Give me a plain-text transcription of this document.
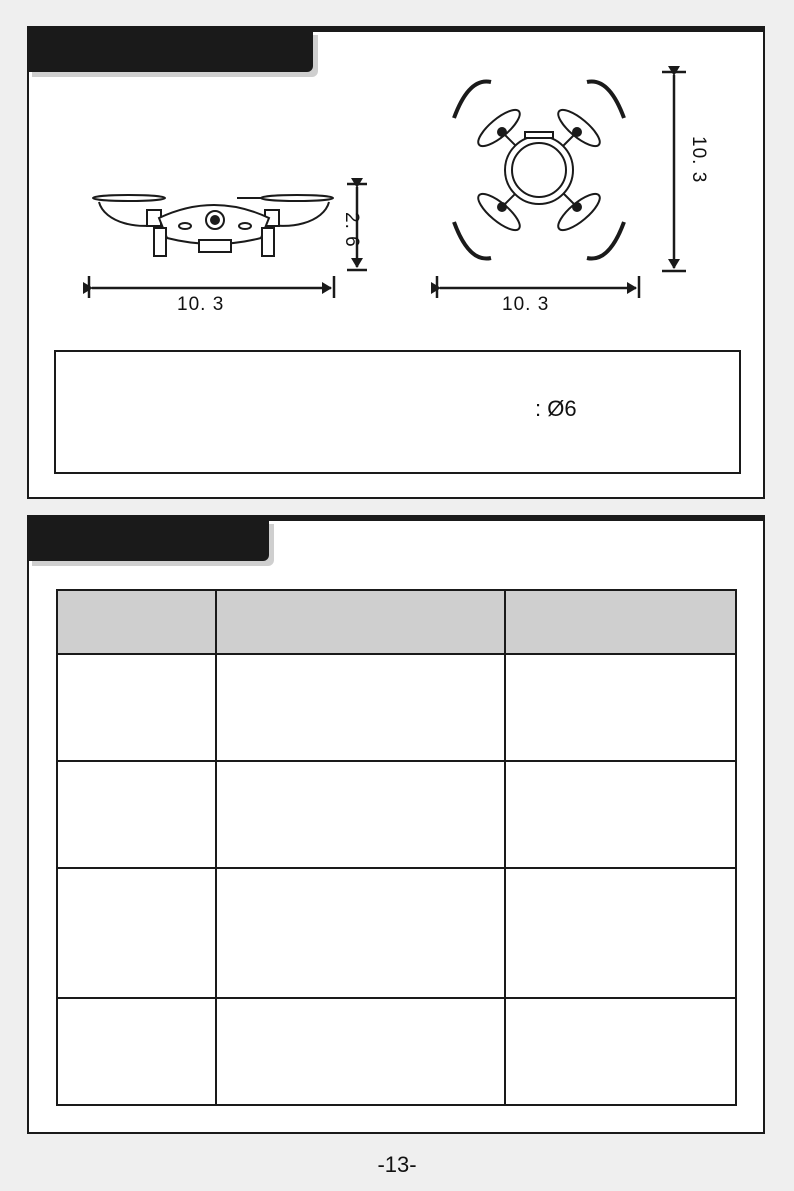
10. 3
2. 6
10. 3
10. 3
: Ø6

-13-
